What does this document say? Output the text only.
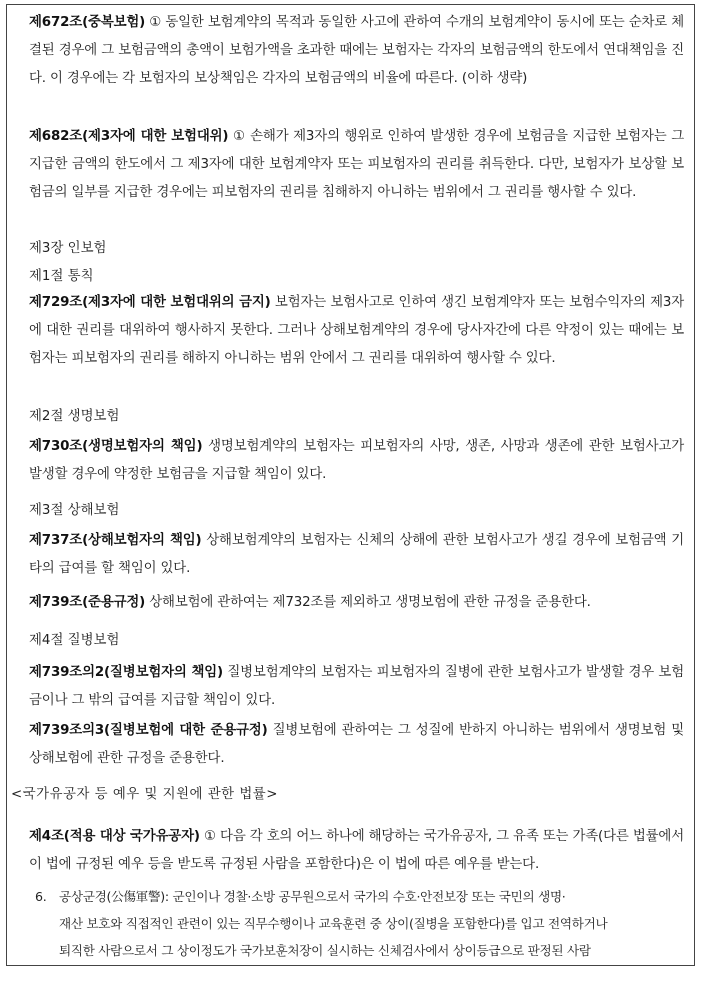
제672조(중복보험) ① 동일한 보험계약의 목적과 동일한 사고에 관하여 수개의 보험계약이 동시에 또는 순차로 체결된 경우에 그 보험금액의 총액이 보험가액을 초과한 때에는 보험자는 각자의 보험금액의 한도에서 연대책임을 진다. 이 경우에는 각 보험자의 보상책임은 각자의 보험금액의 비율에 따른다. (이하 생략)

제682조(제3자에 대한 보험대위) ① 손해가 제3자의 행위로 인하여 발생한 경우에 보험금을 지급한 보험자는 그 지급한 금액의 한도에서 그 제3자에 대한 보험계약자 또는 피보험자의 권리를 취득한다. 다만, 보험자가 보상할 보험금의 일부를 지급한 경우에는 피보험자의 권리를 침해하지 아니하는 범위에서 그 권리를 행사할 수 있다.

제3장 인보험

제1절 통칙

제729조(제3자에 대한 보험대위의 금지) 보험자는 보험사고로 인하여 생긴 보험계약자 또는 보험수익자의 제3자에 대한 권리를 대위하여 행사하지 못한다. 그러나 상해보험계약의 경우에 당사자간에 다른 약정이 있는 때에는 보험자는 피보험자의 권리를 해하지 아니하는 범위 안에서 그 권리를 대위하여 행사할 수 있다.

제2절 생명보험

제730조(생명보험자의 책임) 생명보험계약의 보험자는 피보험자의 사망, 생존, 사망과 생존에 관한 보험사고가 발생할 경우에 약정한 보험금을 지급할 책임이 있다.

제3절 상해보험

제737조(상해보험자의 책임) 상해보험계약의 보험자는 신체의 상해에 관한 보험사고가 생길 경우에 보험금액 기타의 급여를 할 책임이 있다.

제739조(준용규정) 상해보험에 관하여는 제732조를 제외하고 생명보험에 관한 규정을 준용한다.

제4절 질병보험

제739조의2(질병보험자의 책임) 질병보험계약의 보험자는 피보험자의 질병에 관한 보험사고가 발생할 경우 보험금이나 그 밖의 급여를 지급할 책임이 있다.

제739조의3(질병보험에 대한 준용규정) 질병보험에 관하여는 그 성질에 반하지 아니하는 범위에서 생명보험 및 상해보험에 관한 규정을 준용한다.

<국가유공자 등 예우 및 지원에 관한 법률>

제4조(적용 대상 국가유공자) ① 다음 각 호의 어느 하나에 해당하는 국가유공자, 그 유족 또는 가족(다른 법률에서 이 법에 규정된 예우 등을 받도록 규정된 사람을 포함한다)은 이 법에 따른 예우를 받는다.

6. 공상군경(公傷軍警): 군인이나 경찰·소방 공무원으로서 국가의 수호·안전보장 또는 국민의 생명·
재산 보호와 직접적인 관련이 있는 직무수행이나 교육훈련 중 상이(질병을 포함한다)를 입고 전역하거나
퇴직한 사람으로서 그 상이정도가 국가보훈처장이 실시하는 신체검사에서 상이등급으로 판정된 사람
